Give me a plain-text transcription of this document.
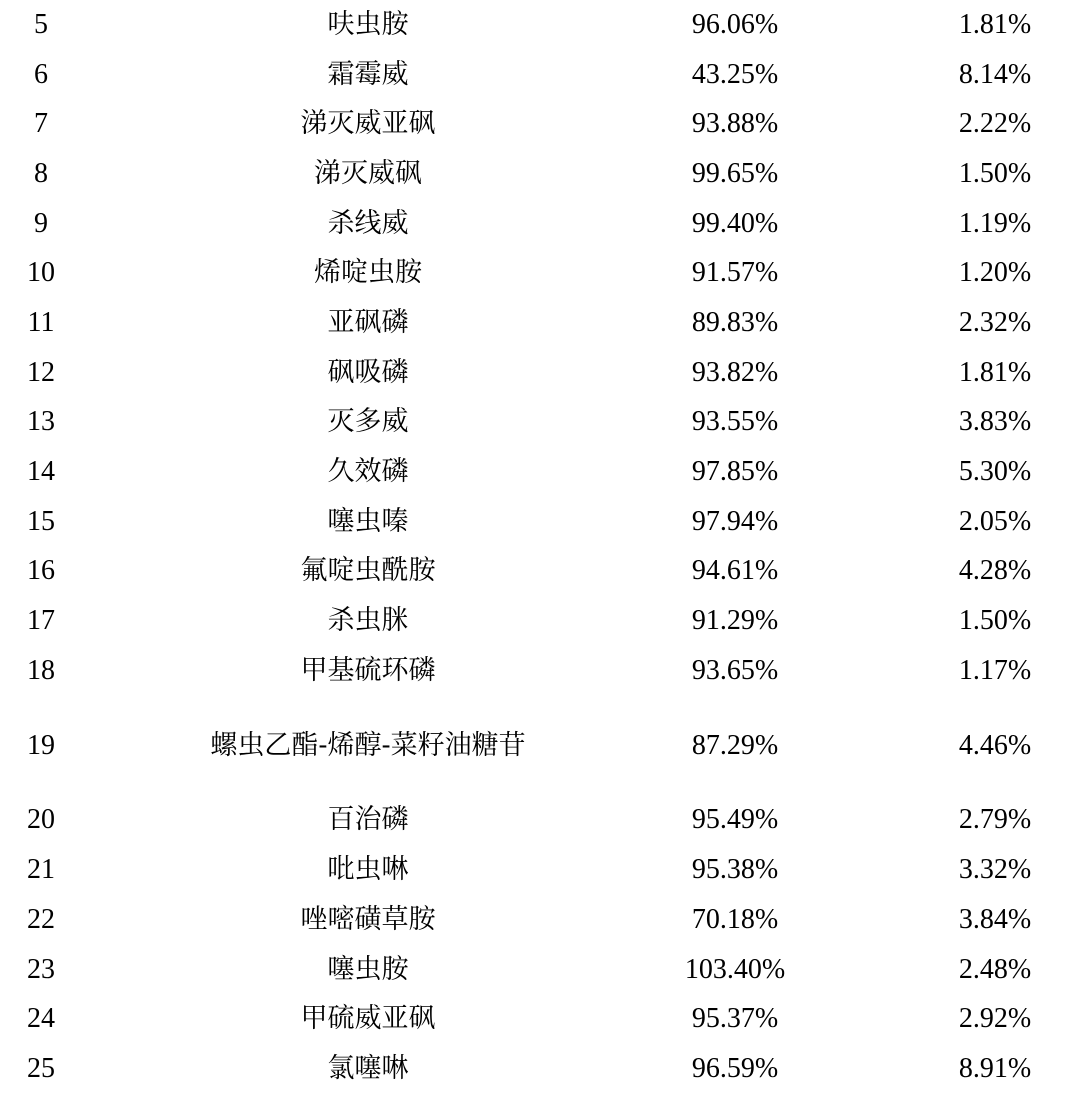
5	呋虫胺	96.06%	1.81%
6	霜霉威	43.25%	8.14%
7	涕灭威亚砜	93.88%	2.22%
8	涕灭威砜	99.65%	1.50%
9	杀线威	99.40%	1.19%
10	烯啶虫胺	91.57%	1.20%
11	亚砜磷	89.83%	2.32%
12	砜吸磷	93.82%	1.81%
13	灭多威	93.55%	3.83%
14	久效磷	97.85%	5.30%
15	噻虫嗪	97.94%	2.05%
16	氟啶虫酰胺	94.61%	4.28%
17	杀虫脒	91.29%	1.50%
18	甲基硫环磷	93.65%	1.17%
19	螺虫乙酯-烯醇-菜籽油糖苷	87.29%	4.46%
20	百治磷	95.49%	2.79%
21	吡虫啉	95.38%	3.32%
22	唑嘧磺草胺	70.18%	3.84%
23	噻虫胺	103.40%	2.48%
24	甲硫威亚砜	95.37%	2.92%
25	氯噻啉	96.59%	8.91%
